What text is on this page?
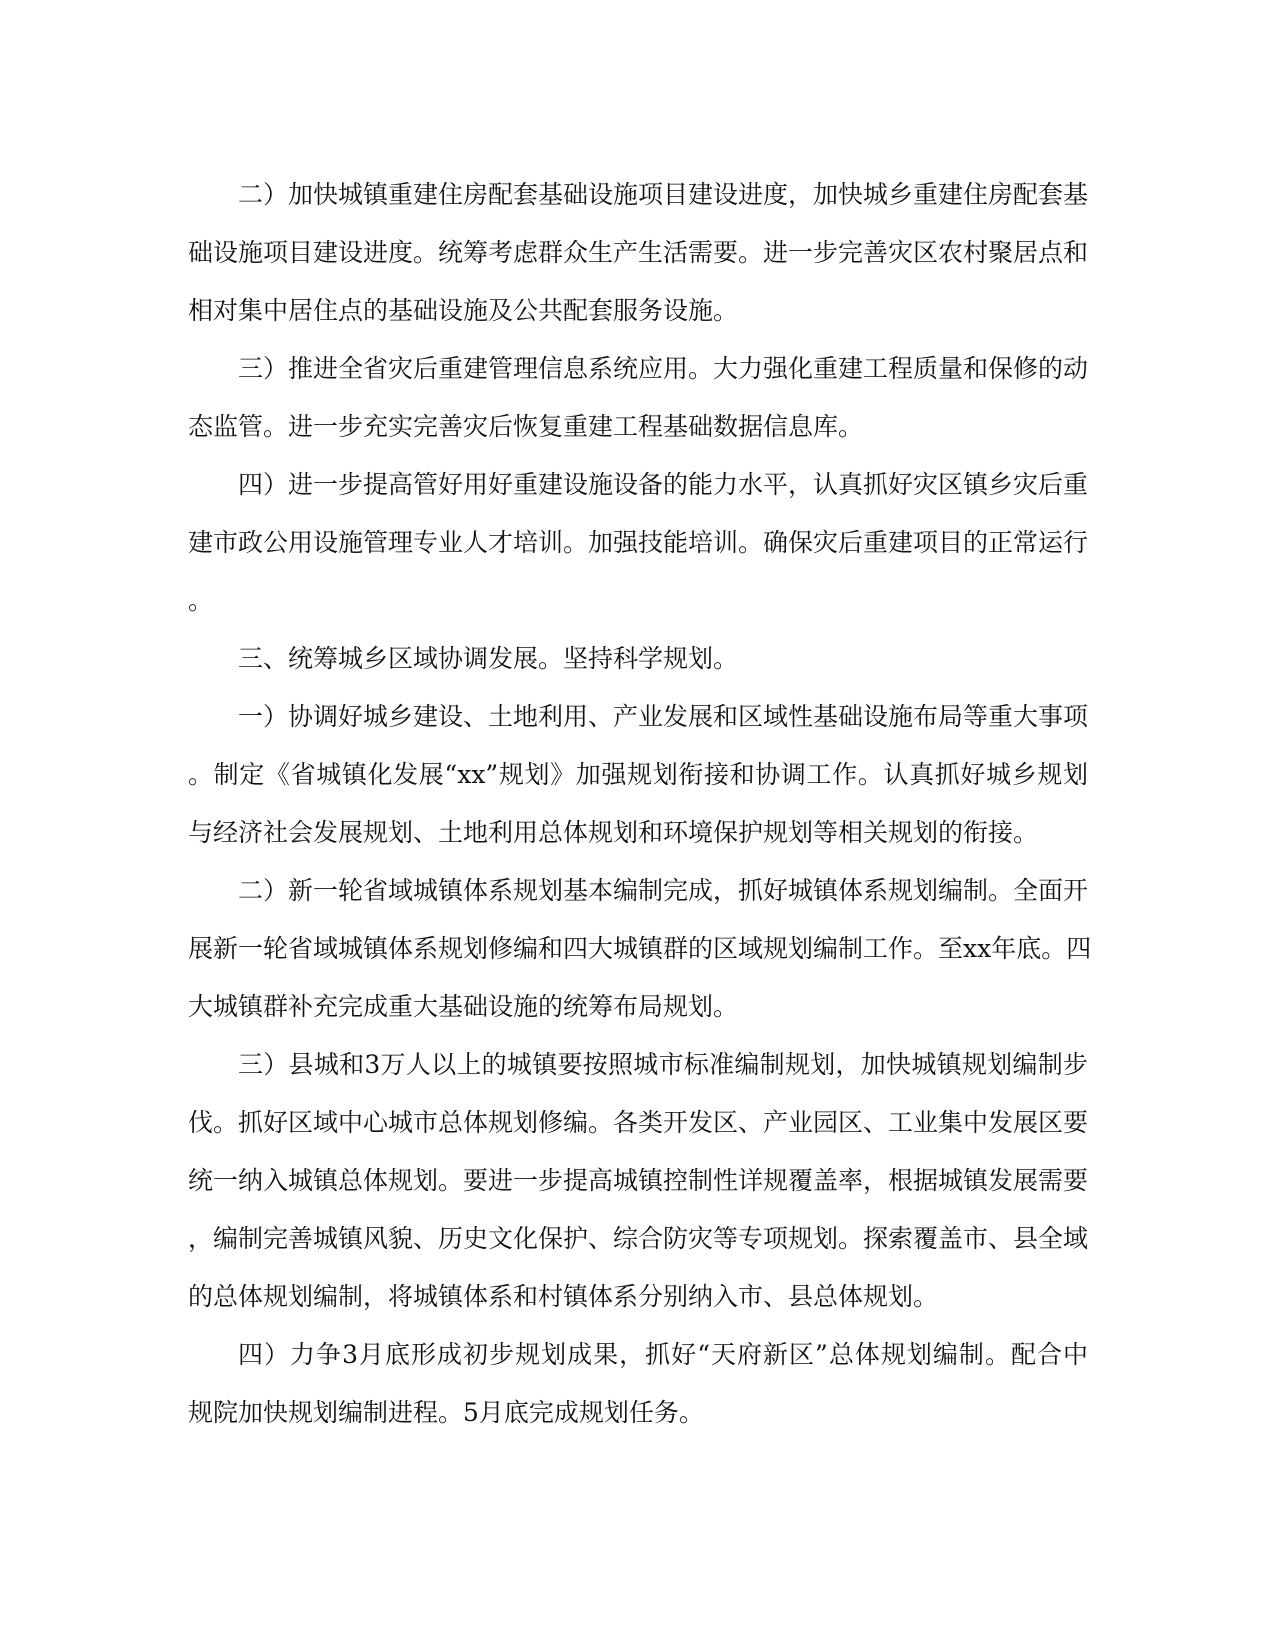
二）加快城镇重建住房配套基础设施项目建设进度，加快城乡重建住房配套基
础设施项目建设进度。统筹考虑群众生产生活需要。进一步完善灾区农村聚居点和
相对集中居住点的基础设施及公共配套服务设施。
三）推进全省灾后重建管理信息系统应用。大力强化重建工程质量和保修的动
态监管。进一步充实完善灾后恢复重建工程基础数据信息库。
四）进一步提高管好用好重建设施设备的能力水平，认真抓好灾区镇乡灾后重
建市政公用设施管理专业人才培训。加强技能培训。确保灾后重建项目的正常运行
。
三、统筹城乡区域协调发展。坚持科学规划。
一）协调好城乡建设、土地利用、产业发展和区域性基础设施布局等重大事项
。制定《省城镇化发展“xx”规划》加强规划衔接和协调工作。认真抓好城乡规划
与经济社会发展规划、土地利用总体规划和环境保护规划等相关规划的衔接。
二）新一轮省域城镇体系规划基本编制完成，抓好城镇体系规划编制。全面开
展新一轮省域城镇体系规划修编和四大城镇群的区域规划编制工作。至xx年底。四
大城镇群补充完成重大基础设施的统筹布局规划。
三）县城和3万人以上的城镇要按照城市标准编制规划，加快城镇规划编制步
伐。抓好区域中心城市总体规划修编。各类开发区、产业园区、工业集中发展区要
统一纳入城镇总体规划。要进一步提高城镇控制性详规覆盖率，根据城镇发展需要
，编制完善城镇风貌、历史文化保护、综合防灾等专项规划。探索覆盖市、县全域
的总体规划编制，将城镇体系和村镇体系分别纳入市、县总体规划。
四）力争3月底形成初步规划成果，抓好“天府新区”总体规划编制。配合中
规院加快规划编制进程。5月底完成规划任务。
